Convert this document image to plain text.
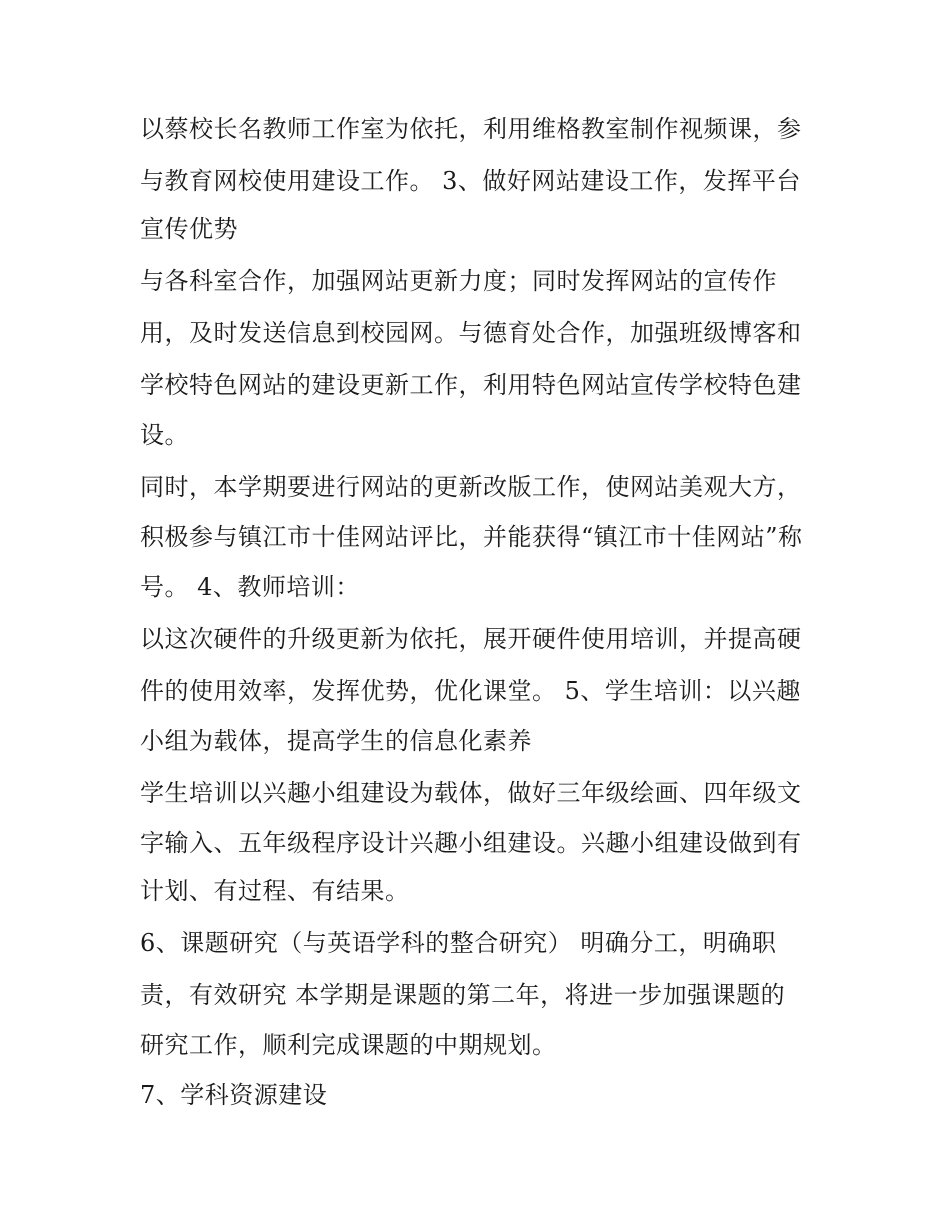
以蔡校长名教师工作室为依托，利用维格教室制作视频课，参
与教育网校使用建设工作。 3、做好网站建设工作，发挥平台
宣传优势
与各科室合作，加强网站更新力度；同时发挥网站的宣传作
用，及时发送信息到校园网。与德育处合作，加强班级博客和
学校特色网站的建设更新工作，利用特色网站宣传学校特色建
设。
同时，本学期要进行网站的更新改版工作，使网站美观大方，
积极参与镇江市十佳网站评比，并能获得“镇江市十佳网站”称
号。 4、教师培训：
以这次硬件的升级更新为依托，展开硬件使用培训，并提高硬
件的使用效率，发挥优势，优化课堂。 5、学生培训：以兴趣
小组为载体，提高学生的信息化素养
学生培训以兴趣小组建设为载体，做好三年级绘画、四年级文
字输入、五年级程序设计兴趣小组建设。兴趣小组建设做到有
计划、有过程、有结果。
6、课题研究（与英语学科的整合研究） 明确分工，明确职
责，有效研究 本学期是课题的第二年，将进一步加强课题的
研究工作，顺利完成课题的中期规划。
7、学科资源建设
